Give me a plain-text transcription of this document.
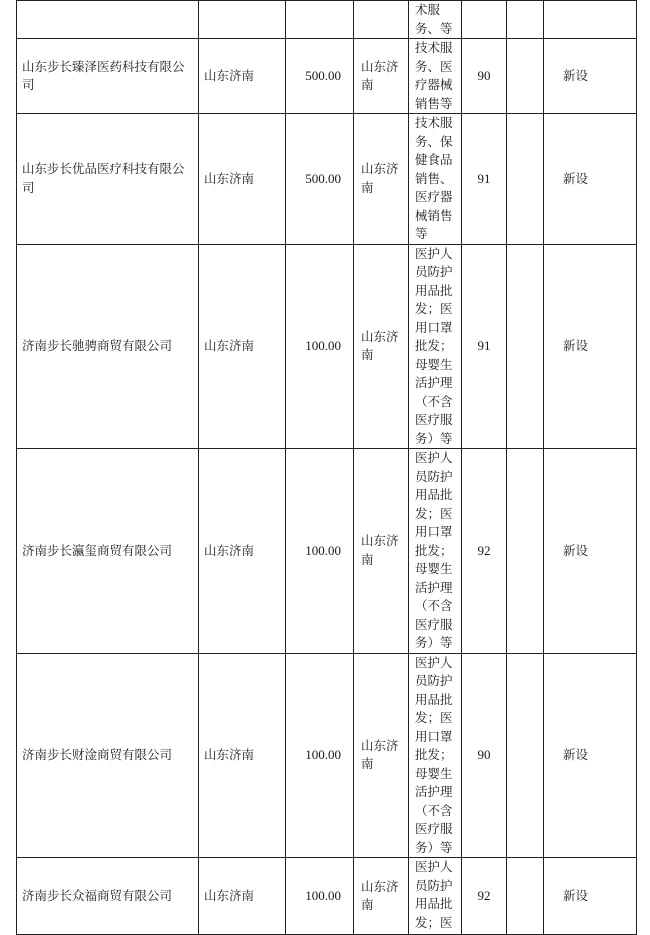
				术服务、等			
山东步长臻泽医药科技有限公司	山东济南	500.00	山东济南	技术服务、医疗器械销售等	90		新设
山东步长优品医疗科技有限公司	山东济南	500.00	山东济南	技术服务、保健食品销售、医疗器械销售等	91		新设
济南步长驰骋商贸有限公司	山东济南	100.00	山东济南	医护人员防护用品批发；医用口罩批发；母婴生活护理（不含医疗服务）等	91		新设
济南步长瀛玺商贸有限公司	山东济南	100.00	山东济南	医护人员防护用品批发；医用口罩批发；母婴生活护理（不含医疗服务）等	92		新设
济南步长财淦商贸有限公司	山东济南	100.00	山东济南	医护人员防护用品批发；医用口罩批发；母婴生活护理（不含医疗服务）等	90		新设
济南步长众福商贸有限公司	山东济南	100.00	山东济南	医护人员防护用品批发；医	92		新设
